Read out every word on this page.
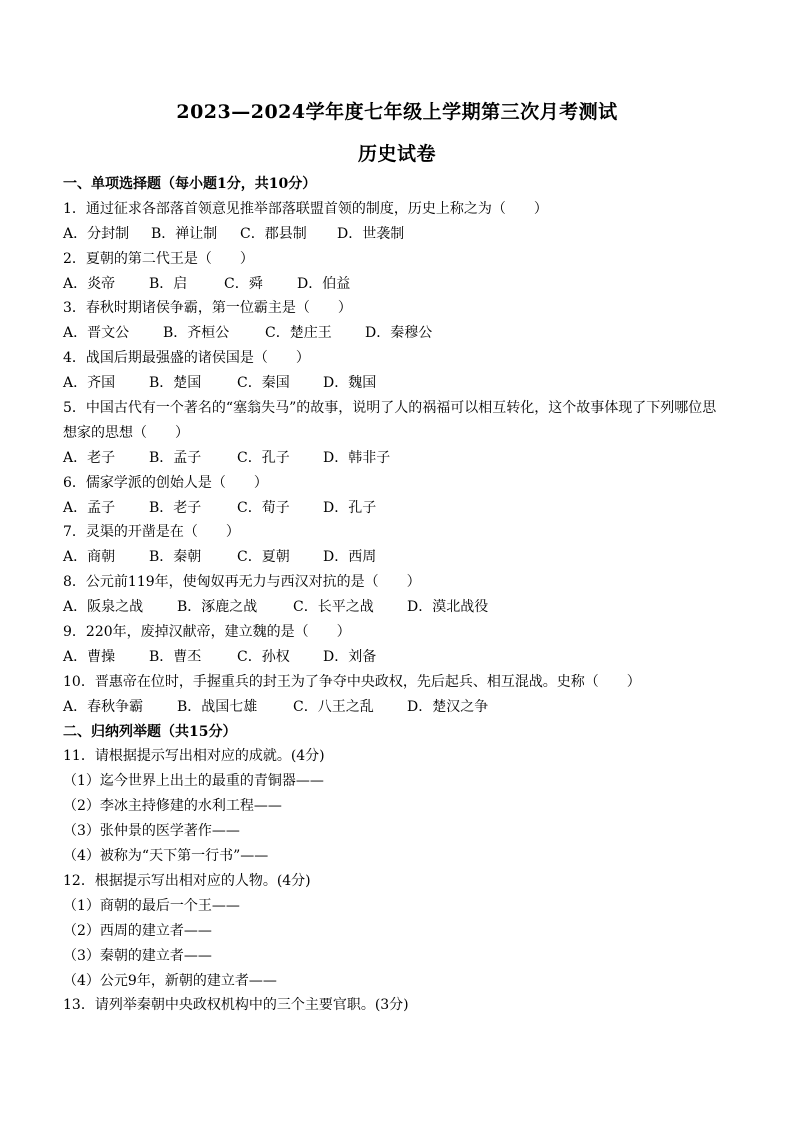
2023—2024学年度七年级上学期第三次月考测试
历史试卷
一、单项选择题（每小题1分，共10分）
1．通过征求各部落首领意见推举部落联盟首领的制度，历史上称之为（　　）
A．分封制	B．禅让制	C．郡县制	D．世袭制
2．夏朝的第二代王是（　　）
A．炎帝	B．启	C．舜	D．伯益
3．春秋时期诸侯争霸，第一位霸主是（　　）
A．晋文公	B．齐桓公	C．楚庄王	D．秦穆公
4．战国后期最强盛的诸侯国是（　　）
A．齐国	B．楚国	C．秦国	D．魏国
5．中国古代有一个著名的“塞翁失马”的故事，说明了人的祸福可以相互转化，这个故事体现了下列哪位思
想家的思想（　　）
A．老子	B．孟子	C．孔子	D．韩非子
6．儒家学派的创始人是（　　）
A．孟子	B．老子	C．荀子	D．孔子
7．灵渠的开凿是在（　　）
A．商朝	B．秦朝	C．夏朝	D．西周
8．公元前119年，使匈奴再无力与西汉对抗的是（　　）
A．阪泉之战	B．涿鹿之战	C．长平之战	D．漠北战役
9．220年，废掉汉献帝，建立魏的是（　　）
A．曹操	B．曹丕	C．孙权	D．刘备
10．晋惠帝在位时，手握重兵的封王为了争夺中央政权，先后起兵、相互混战。史称（　　）
A．春秋争霸	B．战国七雄	C．八王之乱	D．楚汉之争
二、归纳列举题（共15分）
11．请根据提示写出相对应的成就。(4分)
（1）迄今世界上出土的最重的青铜器——
（2）李冰主持修建的水利工程——
（3）张仲景的医学著作——
（4）被称为“天下第一行书”——
12．根据提示写出相对应的人物。(4分)
（1）商朝的最后一个王——
（2）西周的建立者——
（3）秦朝的建立者——
（4）公元9年，新朝的建立者——
13．请列举秦朝中央政权机构中的三个主要官职。(3分)
